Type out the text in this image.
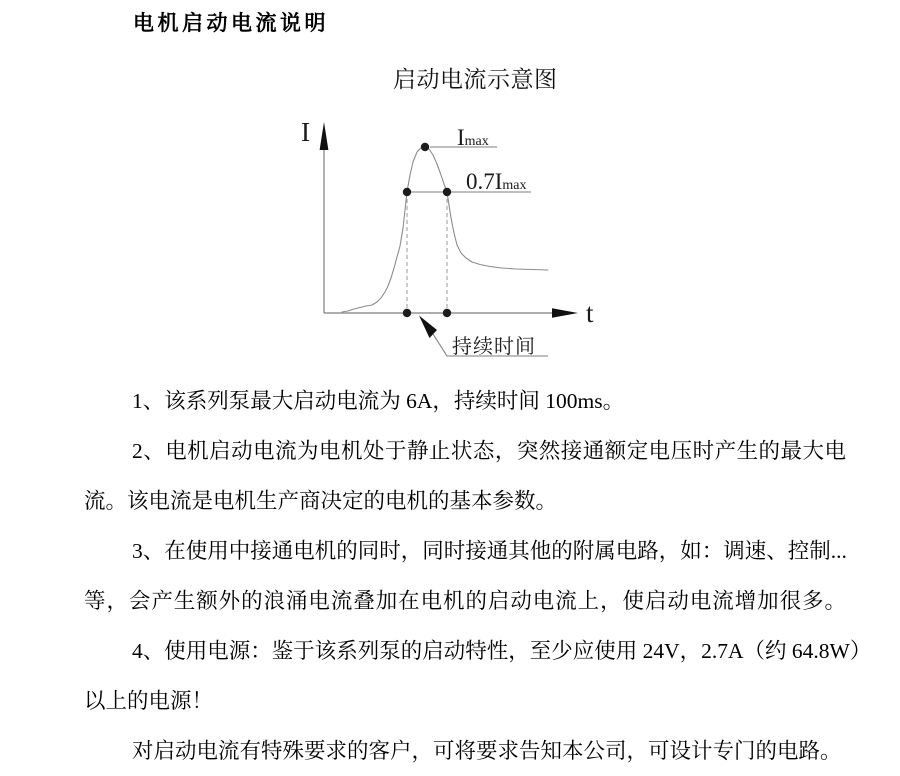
电机启动电流说明
启动电流示意图
I
t
Imax
0.7Imax
持续时间
1、该系列泵最大启动电流为 6A，持续时间 100ms。
2、电机启动电流为电机处于静止状态，突然接通额定电压时产生的最大电
流。该电流是电机生产商决定的电机的基本参数。
3、在使用中接通电机的同时，同时接通其他的附属电路，如：调速、控制...
等，会产生额外的浪涌电流叠加在电机的启动电流上，使启动电流增加很多。
4、使用电源：鉴于该系列泵的启动特性，至少应使用 24V，2.7A（约 64.8W）
以上的电源！
对启动电流有特殊要求的客户，可将要求告知本公司，可设计专门的电路。
